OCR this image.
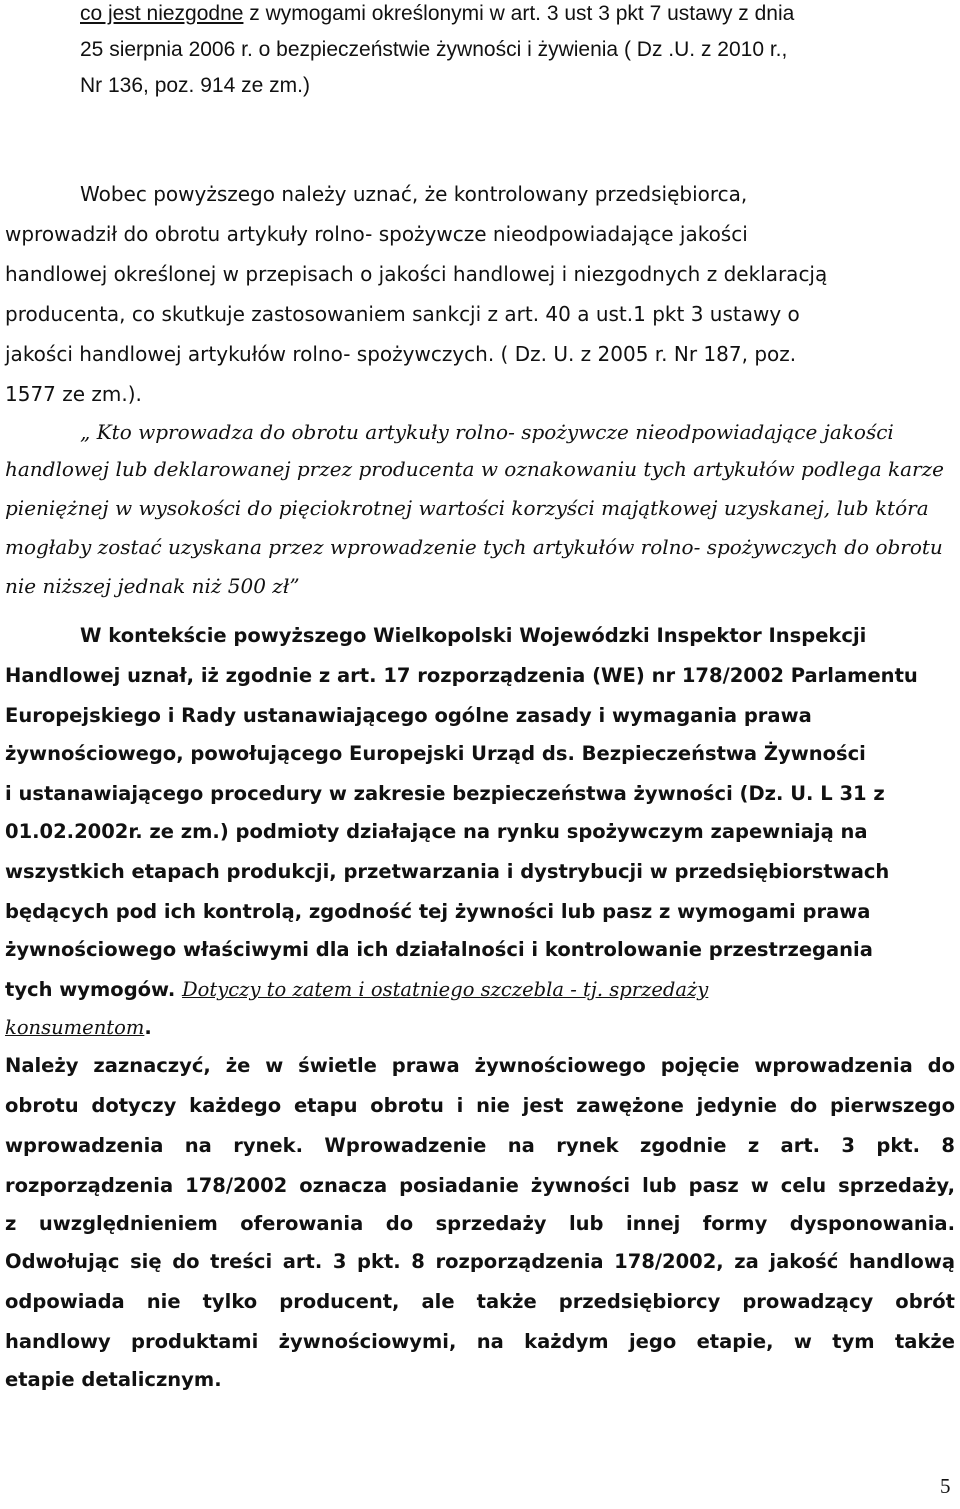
co jest niezgodne z wymogami określonymi w art. 3 ust 3 pkt 7 ustawy z dnia
25 sierpnia 2006 r. o bezpieczeństwie żywności i żywienia ( Dz .U. z 2010 r.,
Nr 136, poz. 914 ze zm.)
Wobec powyższego należy uznać, że kontrolowany przedsiębiorca,
wprowadził do obrotu artykuły rolno- spożywcze nieodpowiadające jakości
handlowej określonej w przepisach o jakości handlowej i niezgodnych z deklaracją
producenta, co skutkuje zastosowaniem sankcji z art. 40 a ust.1 pkt 3 ustawy o
jakości handlowej artykułów rolno- spożywczych. ( Dz. U. z 2005 r. Nr 187, poz.
1577 ze zm.).
„ Kto wprowadza do obrotu artykuły rolno- spożywcze nieodpowiadające jakości
handlowej lub deklarowanej przez producenta w oznakowaniu tych artykułów podlega karze
pieniężnej w wysokości do pięciokrotnej wartości korzyści majątkowej uzyskanej, lub która
mogłaby zostać uzyskana przez wprowadzenie tych artykułów rolno- spożywczych do obrotu
nie niższej jednak niż 500 zł”
W kontekście powyższego Wielkopolski Wojewódzki Inspektor Inspekcji
Handlowej uznał, iż zgodnie z art. 17 rozporządzenia (WE) nr 178/2002 Parlamentu
Europejskiego i Rady ustanawiającego ogólne zasady i wymagania prawa
żywnościowego, powołującego Europejski Urząd ds. Bezpieczeństwa Żywności
i ustanawiającego procedury w zakresie bezpieczeństwa żywności (Dz. U. L 31 z
01.02.2002r. ze zm.) podmioty działające na rynku spożywczym zapewniają na
wszystkich etapach produkcji, przetwarzania i dystrybucji w przedsiębiorstwach
będących pod ich kontrolą, zgodność tej żywności lub pasz z wymogami prawa
żywnościowego właściwymi dla ich działalności i kontrolowanie przestrzegania
tych wymogów. Dotyczy to zatem i ostatniego szczebla - tj. sprzedaży
konsumentom.
Należy zaznaczyć, że w świetle prawa żywnościowego pojęcie wprowadzenia do
obrotu dotyczy każdego etapu obrotu i nie jest zawężone jedynie do pierwszego
wprowadzenia na rynek. Wprowadzenie na rynek zgodnie z art. 3 pkt. 8
rozporządzenia 178/2002 oznacza posiadanie żywności lub pasz w celu sprzedaży,
z uwzględnieniem oferowania do sprzedaży lub innej formy dysponowania.
Odwołując się do treści art. 3 pkt. 8 rozporządzenia 178/2002, za jakość handlową
odpowiada nie tylko producent, ale także przedsiębiorcy prowadzący obrót
handlowy produktami żywnościowymi, na każdym jego etapie, w tym także
etapie detalicznym.
5
